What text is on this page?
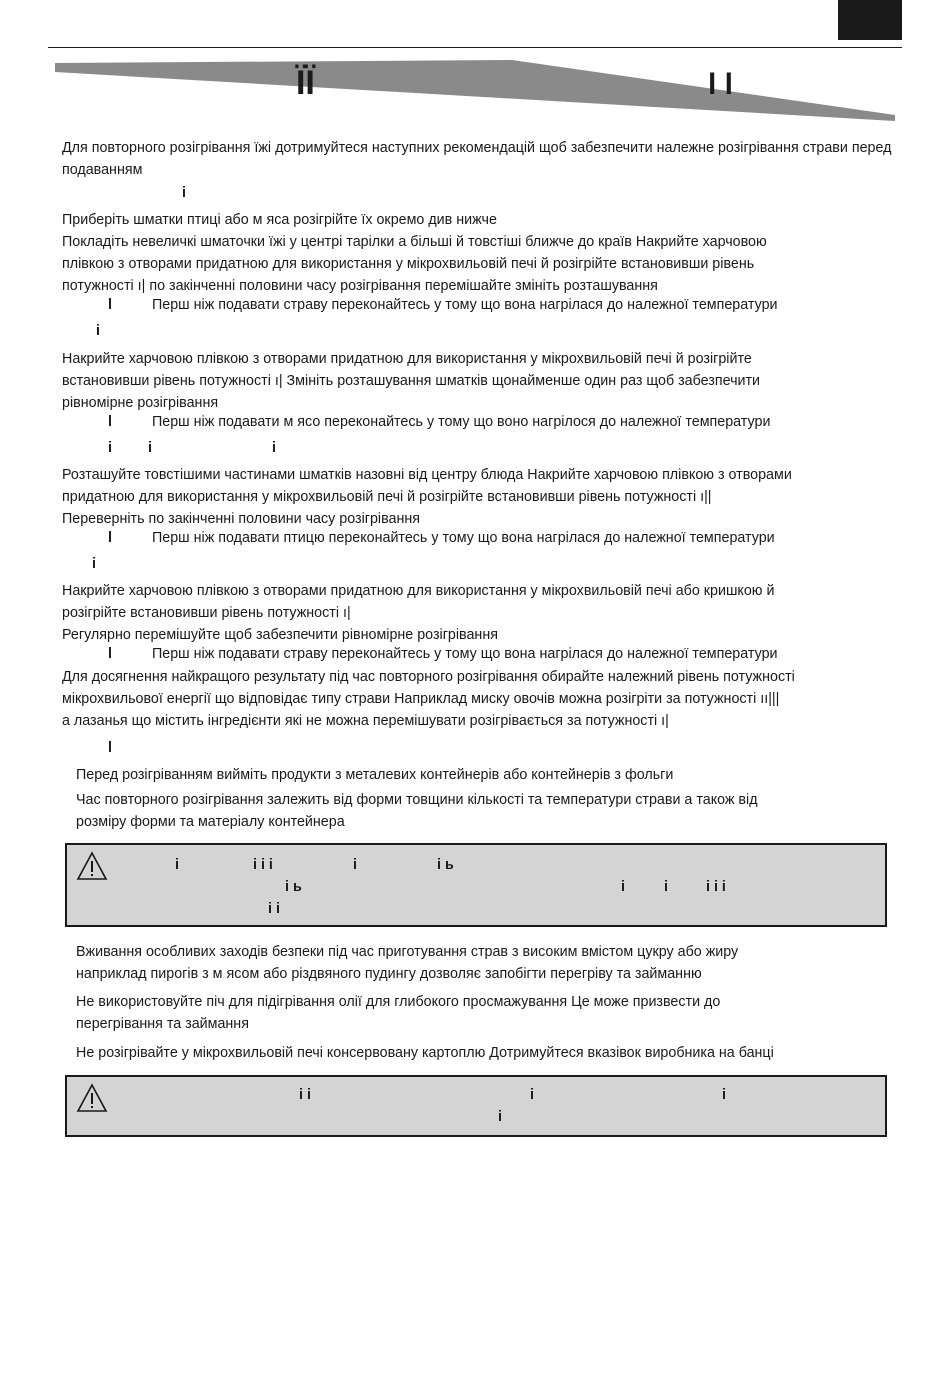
ЇЇ	l l
Для повторного розігрівання їжі дотримуйтеся наступних рекомендацій щоб забезпечити належне розігрівання страви перед подаванням
і
Приберіть шматки птиці або м яса розігрійте їх окремо див нижче
Покладіть невеличкі шматочки їжі у центрі тарілки а більші й товстіші ближче до країв Накрийте харчовою
плівкою з отворами придатною для використання у мікрохвильовій печі й розігрійте встановивши рівень
потужності ı| по закінченні половини часу розігрівання перемішайте змініть розташування
l	Перш ніж подавати страву переконайтесь у тому що вона нагрілася до належної температури
і
Накрийте харчовою плівкою з отворами придатною для використання у мікрохвильовій печі й розігрійте
встановивши рівень потужності ı| Змініть розташування шматків щонайменше один раз щоб забезпечити
рівномірне розігрівання
l	Перш ніж подавати м ясо переконайтесь у тому що воно нагрілося до належної температури
і	і	і
Розташуйте товстішими частинами шматків назовні від центру блюда Накрийте харчовою плівкою з отворами
придатною для використання у мікрохвильовій печі й розігрійте встановивши рівень потужності ı||
Переверніть по закінченні половини часу розігрівання
l	Перш ніж подавати птицю переконайтесь у тому що вона нагрілася до належної температури
і
Накрийте харчовою плівкою з отворами придатною для використання у мікрохвильовій печі або кришкою й
розігрійте встановивши рівень потужності ı|
Регулярно перемішуйте щоб забезпечити рівномірне розігрівання
l	Перш ніж подавати страву переконайтесь у тому що вона нагрілася до належної температури
Для досягнення найкращого результату під час повторного розігрівання обирайте належний рівень потужності
мікрохвильової енергії що відповідає типу страви Наприклад миску овочів можна розігріти за потужності ıı|||
а лазанья що містить інгредієнти які не можна перемішувати розігрівається за потужності ı|
l
Перед розігріванням вийміть продукти з металевих контейнерів або контейнерів з фольги
Час повторного розігрівання залежить від форми товщини кількості та температури страви а також від
розміру форми та матеріалу контейнера
і	і і і	і	і ь
і ь	і	і	і і і
і і
Вживання особливих заходів безпеки під час приготування страв з високим вмістом цукру або жиру
наприклад пирогів з м ясом або різдвяного пудингу дозволяє запобігти перегріву та займанню
Не використовуйте піч для підігрівання олії для глибокого просмажування Це може призвести до
перегрівання та займання
Не розігрівайте у мікрохвильовій печі консервовану картоплю Дотримуйтеся вказівок виробника на банці
і і	і	і
і
